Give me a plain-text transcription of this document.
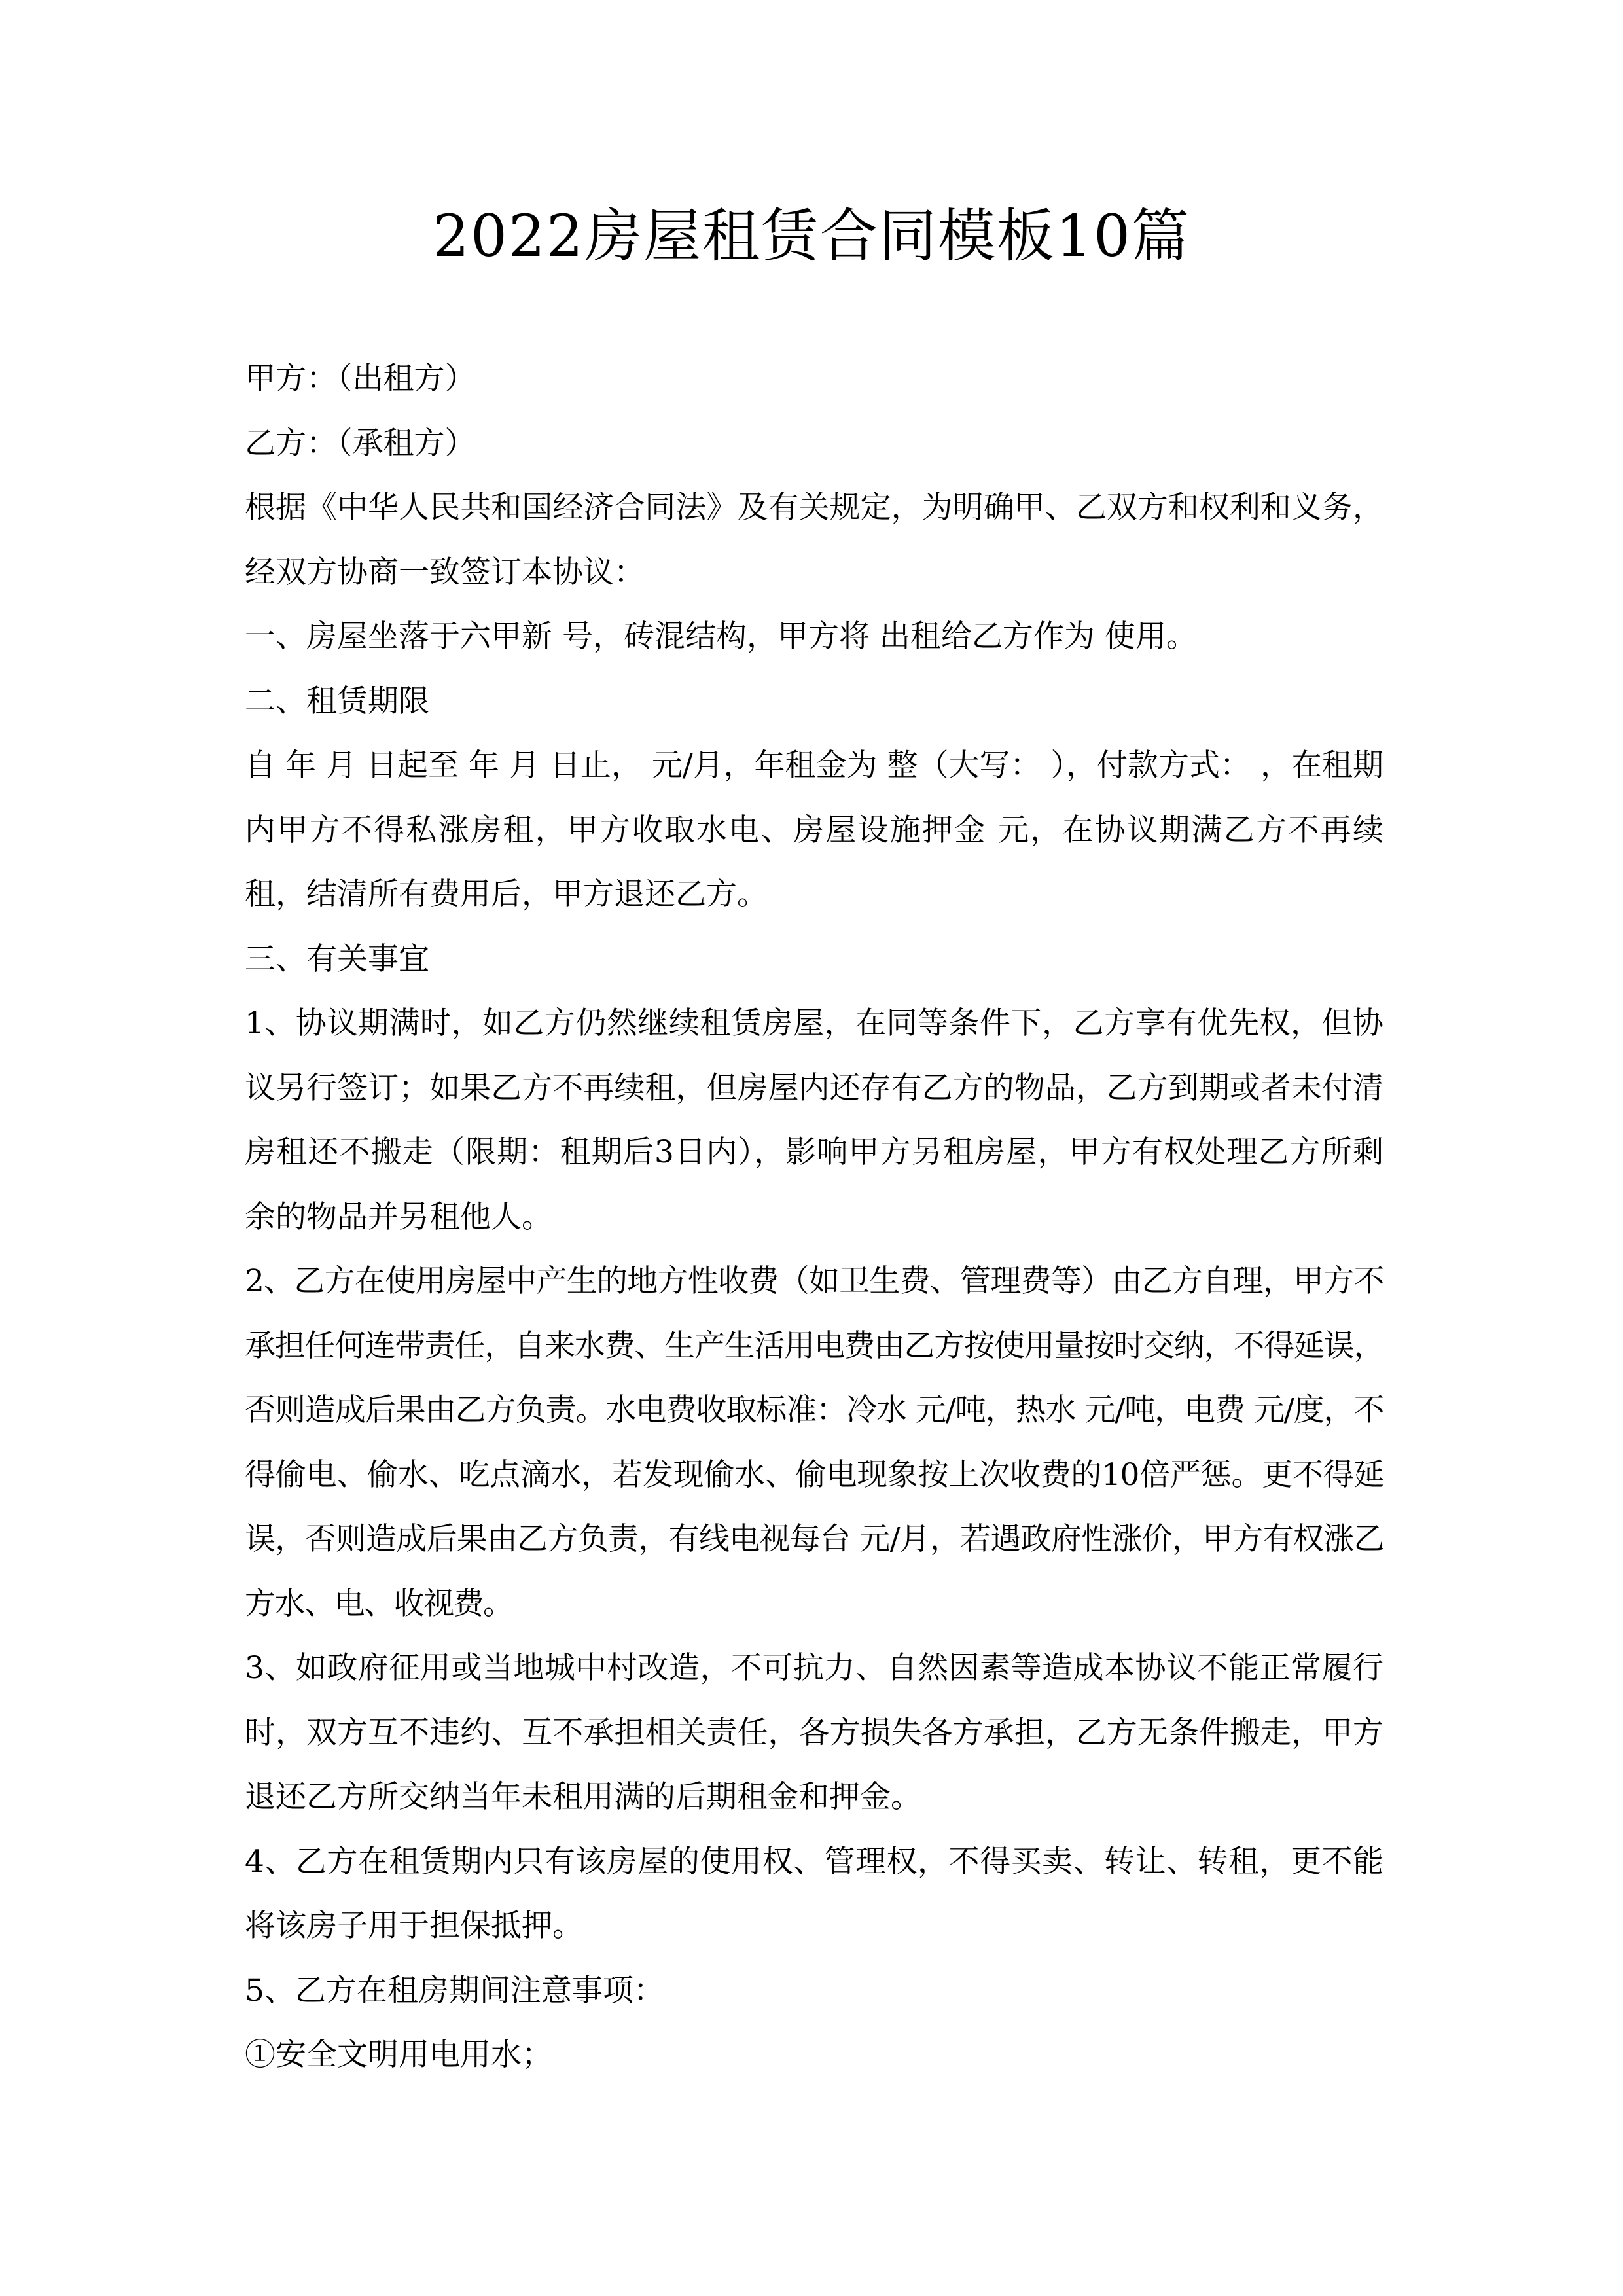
2022房屋租赁合同模板10篇

甲方：（出租方）

乙方：（承租方）

根据《中华人民共和国经济合同法》及有关规定，为明确甲、乙双方和权利和义务，经双方协商一致签订本协议：

一、房屋坐落于六甲新 号，砖混结构，甲方将 出租给乙方作为 使用。

二、租赁期限

自 年 月 日起至 年 月 日止， 元/月，年租金为 整（大写： ），付款方式： ，在租期内甲方不得私涨房租，甲方收取水电、房屋设施押金 元，在协议期满乙方不再续租，结清所有费用后，甲方退还乙方。

三、有关事宜

1、协议期满时，如乙方仍然继续租赁房屋，在同等条件下，乙方享有优先权，但协议另行签订；如果乙方不再续租，但房屋内还存有乙方的物品，乙方到期或者未付清房租还不搬走（限期：租期后3日内），影响甲方另租房屋，甲方有权处理乙方所剩余的物品并另租他人。

2、乙方在使用房屋中产生的地方性收费（如卫生费、管理费等）由乙方自理，甲方不承担任何连带责任，自来水费、生产生活用电费由乙方按使用量按时交纳，不得延误，否则造成后果由乙方负责。水电费收取标准：冷水 元/吨，热水 元/吨，电费 元/度，不得偷电、偷水、吃点滴水，若发现偷水、偷电现象按上次收费的10倍严惩。更不得延误，否则造成后果由乙方负责，有线电视每台 元/月，若遇政府性涨价，甲方有权涨乙方水、电、收视费。

3、如政府征用或当地城中村改造，不可抗力、自然因素等造成本协议不能正常履行时，双方互不违约、互不承担相关责任，各方损失各方承担，乙方无条件搬走，甲方退还乙方所交纳当年未租用满的后期租金和押金。

4、乙方在租赁期内只有该房屋的使用权、管理权，不得买卖、转让、转租，更不能将该房子用于担保抵押。

5、乙方在租房期间注意事项：

①安全文明用电用水；
